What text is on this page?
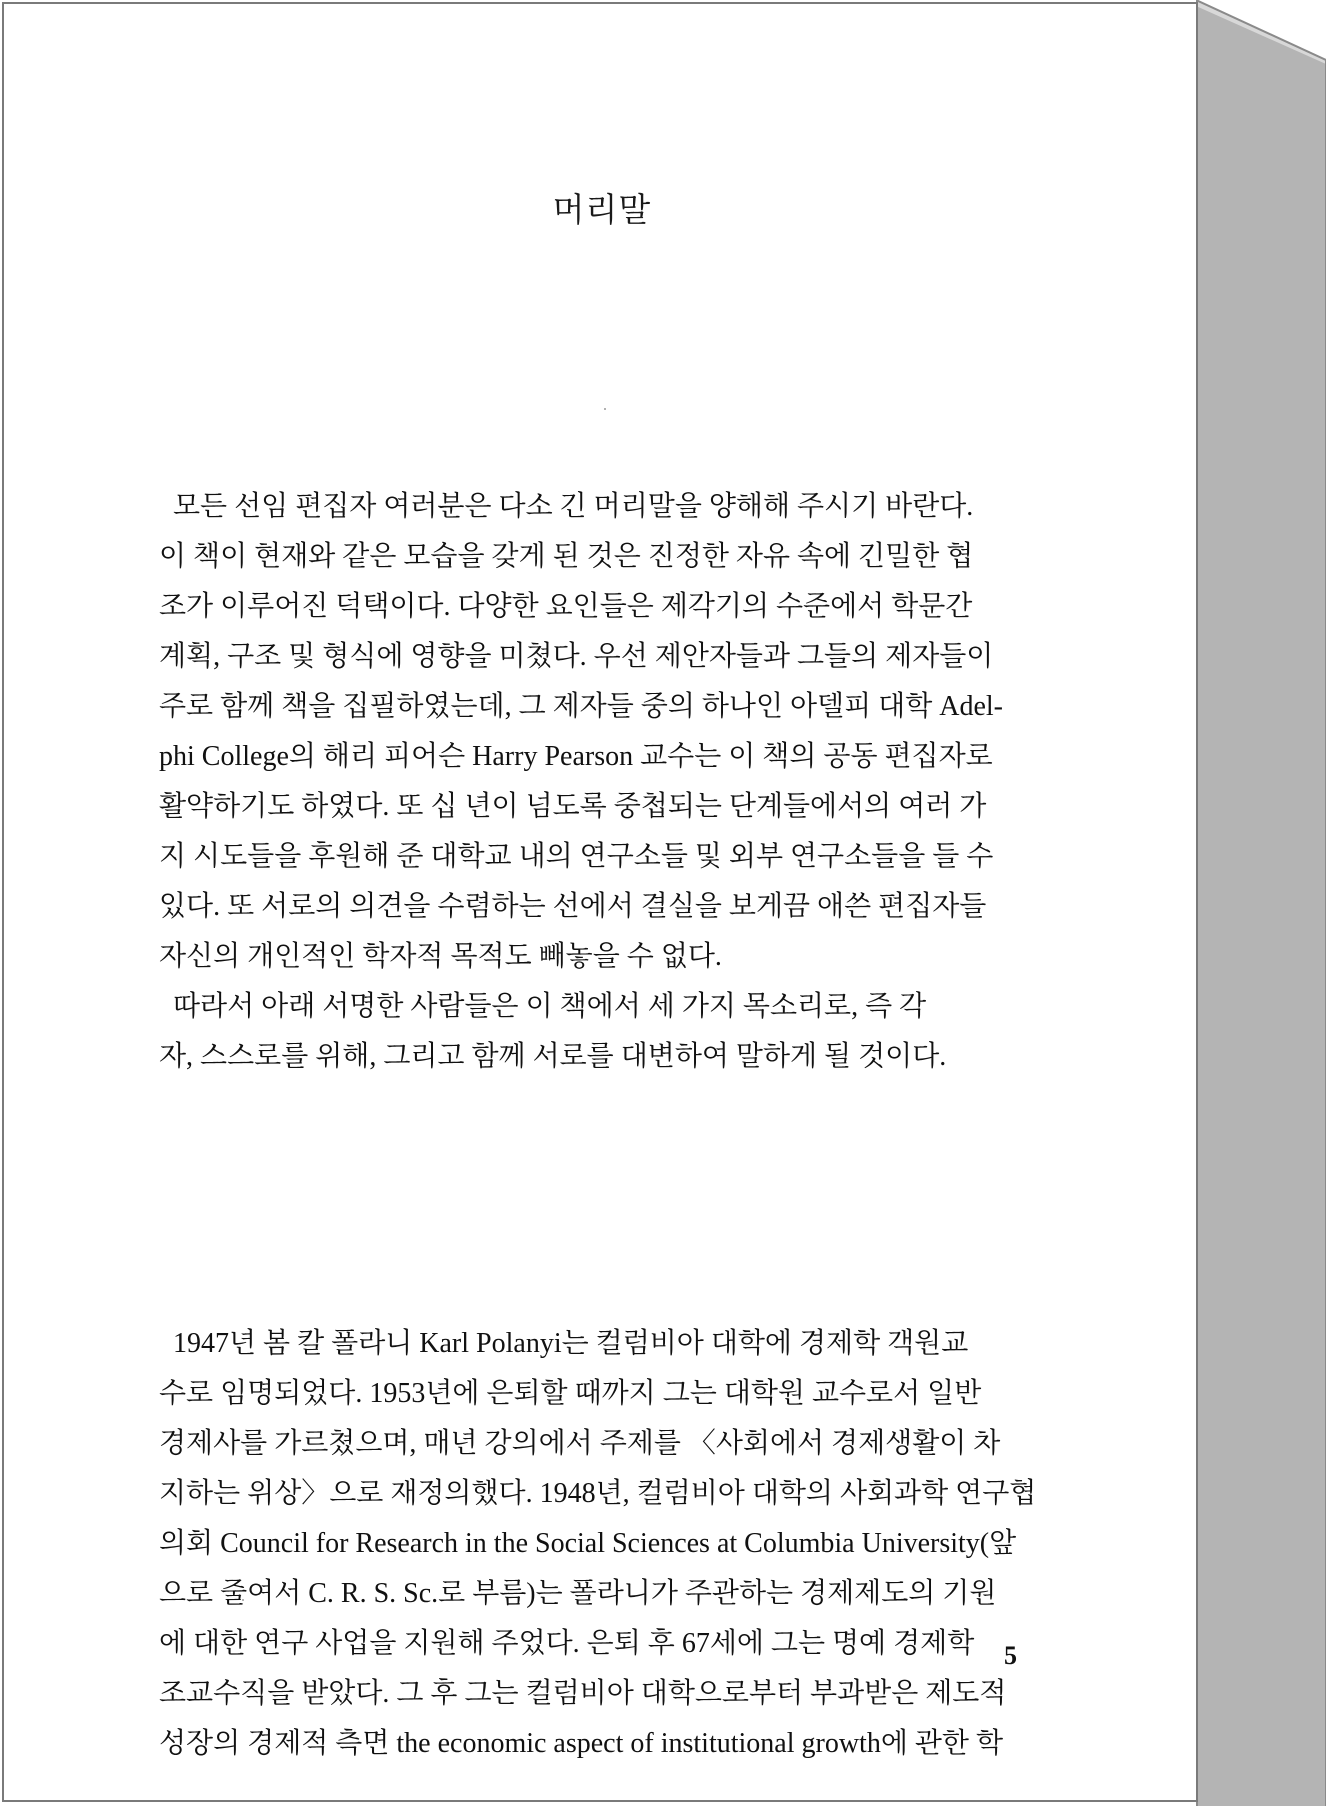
머리말
모든 선임 편집자 여러분은 다소 긴 머리말을 양해해 주시기 바란다.
이 책이 현재와 같은 모습을 갖게 된 것은 진정한 자유 속에 긴밀한 협
조가 이루어진 덕택이다. 다양한 요인들은 제각기의 수준에서 학문간
계획, 구조 및 형식에 영향을 미쳤다. 우선 제안자들과 그들의 제자들이
주로 함께 책을 집필하였는데, 그 제자들 중의 하나인 아델피 대학 Adel-
phi College의 해리 피어슨 Harry Pearson 교수는 이 책의 공동 편집자로
활약하기도 하였다. 또 십 년이 넘도록 중첩되는 단계들에서의 여러 가
지 시도들을 후원해 준 대학교 내의 연구소들 및 외부 연구소들을 들 수
있다. 또 서로의 의견을 수렴하는 선에서 결실을 보게끔 애쓴 편집자들
자신의 개인적인 학자적 목적도 빼놓을 수 없다.
따라서 아래 서명한 사람들은 이 책에서 세 가지 목소리로, 즉 각
자, 스스로를 위해, 그리고 함께 서로를 대변하여 말하게 될 것이다.
1947년 봄 칼 폴라니 Karl Polanyi는 컬럼비아 대학에 경제학 객원교
수로 임명되었다. 1953년에 은퇴할 때까지 그는 대학원 교수로서 일반
경제사를 가르쳤으며, 매년 강의에서 주제를 〈사회에서 경제생활이 차
지하는 위상〉으로 재정의했다. 1948년, 컬럼비아 대학의 사회과학 연구협
의회 Council for Research in the Social Sciences at Columbia University(앞
으로 줄여서 C. R. S. Sc.로 부름)는 폴라니가 주관하는 경제제도의 기원
에 대한 연구 사업을 지원해 주었다. 은퇴 후 67세에 그는 명예 경제학
조교수직을 받았다. 그 후 그는 컬럼비아 대학으로부터 부과받은 제도적
성장의 경제적 측면 the economic aspect of institutional growth에 관한 학
5
